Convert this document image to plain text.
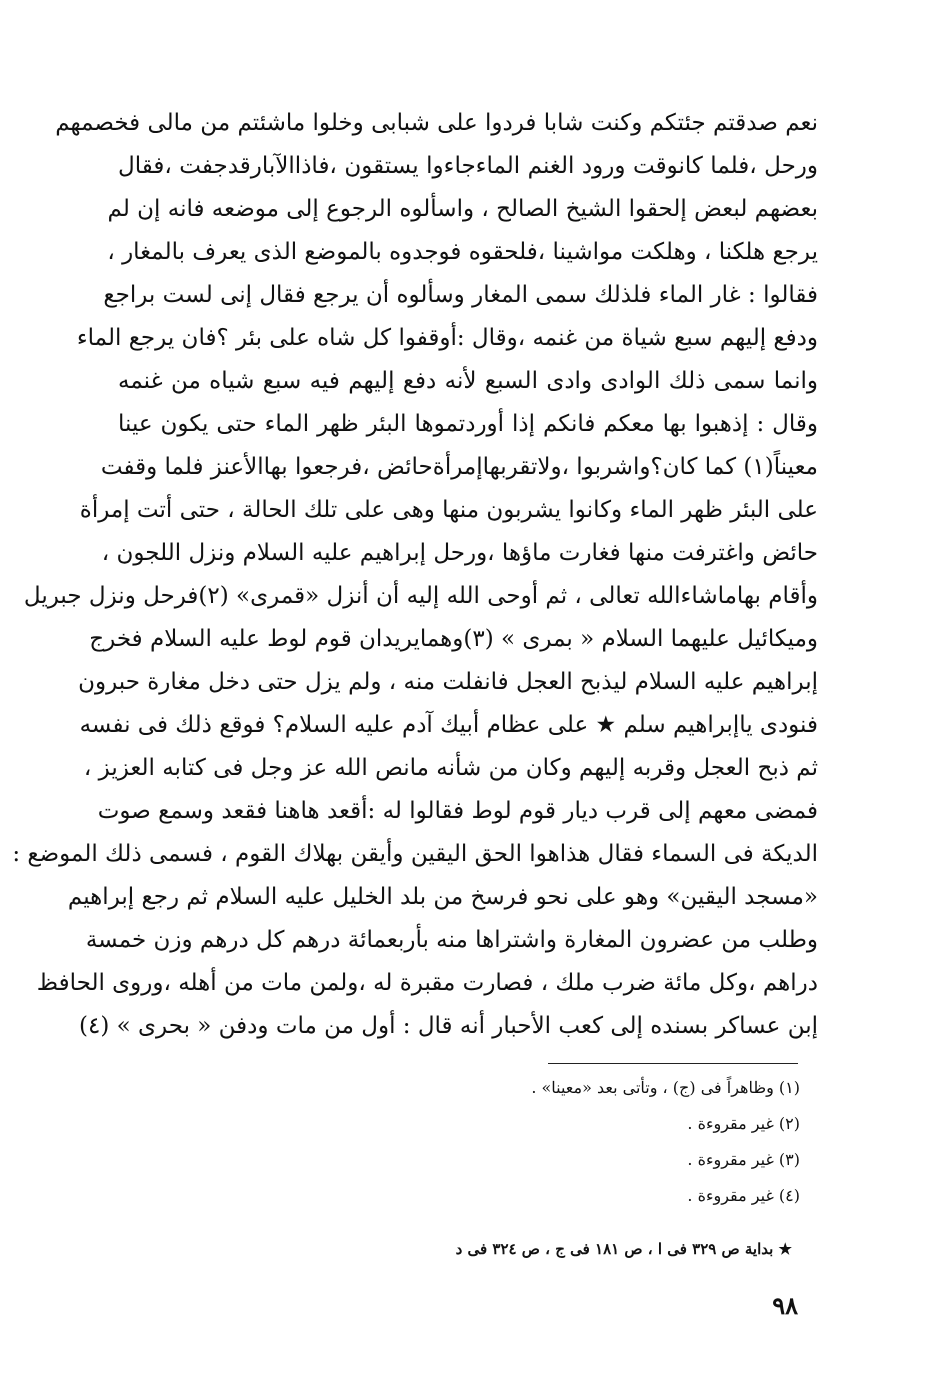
نعم صدقتم جئتكم وكنت شابا فردوا على شبابى وخلوا ماشئتم من مالى فخصمهم
ورحل ،فلما كانوقت ورود الغنم الماءجاءوا يستقون ،فاذاالآبارقدجفت ،فقال
بعضهم لبعض إلحقوا الشيخ الصالح ، واسألوه الرجوع إلى موضعه فانه إن لم
يرجع هلكنا ، وهلكت مواشينا ،فلحقوه فوجدوه بالموضع الذى يعرف بالمغار ،
فقالوا : غار الماء فلذلك سمى المغار وسألوه أن يرجع فقال إنى لست براجع
ودفع إليهم سبع شياة من غنمه ،وقال :أوقفوا كل شاه على بئر ؟فان يرجع الماء
وانما سمى ذلك الوادى وادى السبع لأنه دفع إليهم فيه سبع شياه من غنمه
وقال : إذهبوا بها معكم فانكم إذا أوردتموها البئر ظهر الماء حتى يكون عينا
معيناً(١) كما كان؟واشربوا ،ولاتقربهاإمرأةحائض ،فرجعوا بهاالأعنز فلما وقفت
على البئر ظهر الماء وكانوا يشربون منها وهى على تلك الحالة ، حتى أتت إمرأة
حائض واغترفت منها فغارت ماؤها ،ورحل إبراهيم عليه السلام ونزل اللجون ،
وأقام بهاماشاءالله تعالى ، ثم أوحى الله إليه أن أنزل «قمرى» (٢)فرحل ونزل جبريل
وميكائيل عليهما السلام « بمرى » (٣)وهمايريدان قوم لوط عليه السلام فخرج
إبراهيم عليه السلام ليذبح العجل فانفلت منه ، ولم يزل حتى دخل مغارة حبرون
فنودى ياإبراهيم سلم ★ على عظام أبيك آدم عليه السلام؟ فوقع ذلك فى نفسه
ثم ذبح العجل وقربه إليهم وكان من شأنه مانص الله عز وجل فى كتابه العزيز ،
فمضى معهم إلى قرب ديار قوم لوط فقالوا له :أقعد هاهنا فقعد وسمع صوت
الديكة فى السماء فقال هذاهوا الحق اليقين وأيقن بهلاك القوم ، فسمى ذلك الموضع :
«مسجد اليقين» وهو على نحو فرسخ من بلد الخليل عليه السلام ثم رجع إبراهيم
وطلب من عضرون المغارة واشتراها منه بأربعمائة درهم كل درهم وزن خمسة
دراهم ،وكل مائة ضرب ملك ، فصارت مقبرة له ،ولمن مات من أهله ،وروى الحافظ
إبن عساكر بسنده إلى كعب الأحبار أنه قال : أول من مات ودفن « بحرى » (٤)
(١) وظاهراً فى (ج) ، وتأتى بعد «معينا» .
(٢) غير مقروءة .
(٣) غير مقروءة .
(٤) غير مقروءة .
★ بداية ص ٣٢٩ فى ا ، ص ١٨١ فى ج ، ص ٣٢٤ فى د
٩٨
